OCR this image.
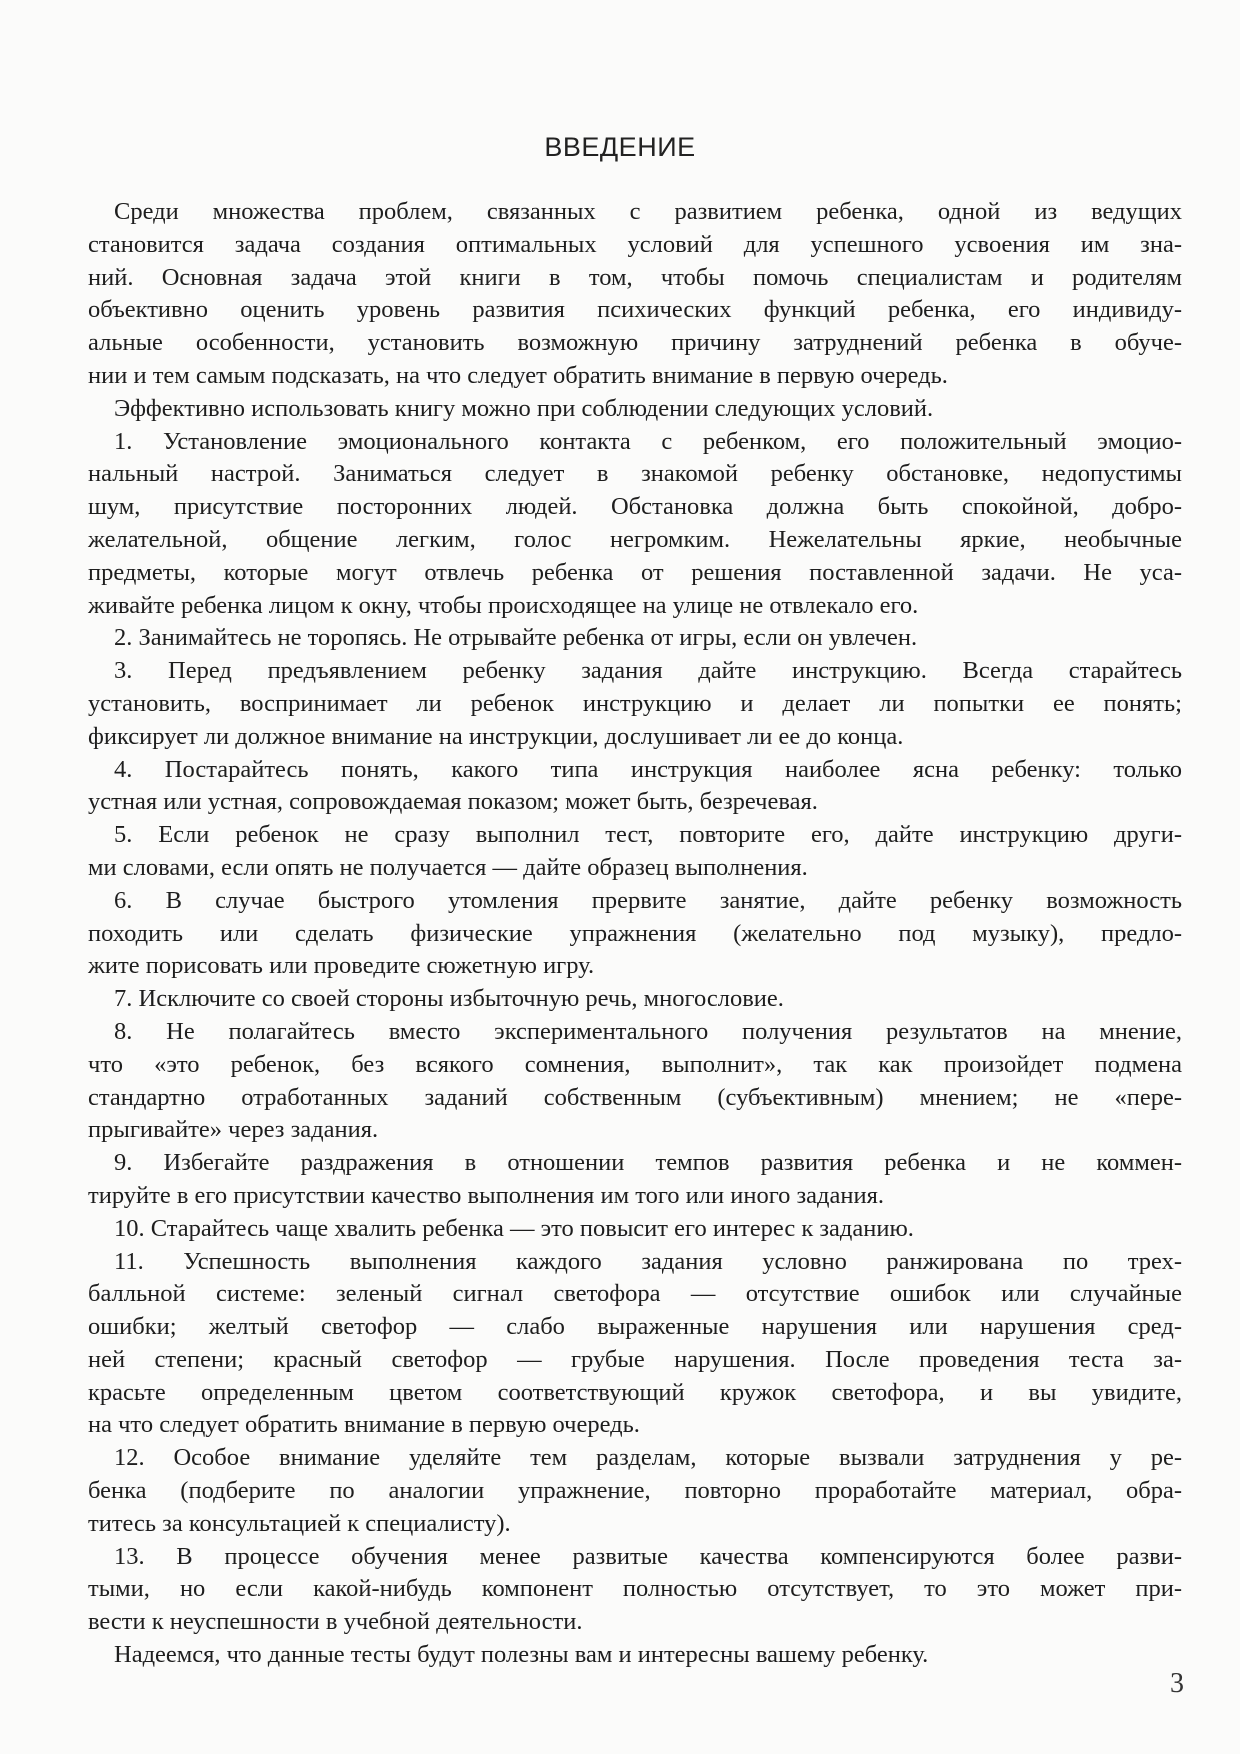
ВВЕДЕНИЕ
Среди множества проблем, связанных с развитием ребенка, одной из ведущих
становится задача создания оптимальных условий для успешного усвоения им зна-
ний. Основная задача этой книги в том, чтобы помочь специалистам и родителям
объективно оценить уровень развития психических функций ребенка, его индивиду-
альные особенности, установить возможную причину затруднений ребенка в обуче-
нии и тем самым подсказать, на что следует обратить внимание в первую очередь.
Эффективно использовать книгу можно при соблюдении следующих условий.
1. Установление эмоционального контакта с ребенком, его положительный эмоцио-
нальный настрой. Заниматься следует в знакомой ребенку обстановке, недопустимы
шум, присутствие посторонних людей. Обстановка должна быть спокойной, добро-
желательной, общение легким, голос негромким. Нежелательны яркие, необычные
предметы, которые могут отвлечь ребенка от решения поставленной задачи. Не уса-
живайте ребенка лицом к окну, чтобы происходящее на улице не отвлекало его.
2. Занимайтесь не торопясь. Не отрывайте ребенка от игры, если он увлечен.
3. Перед предъявлением ребенку задания дайте инструкцию. Всегда старайтесь
установить, воспринимает ли ребенок инструкцию и делает ли попытки ее понять;
фиксирует ли должное внимание на инструкции, дослушивает ли ее до конца.
4. Постарайтесь понять, какого типа инструкция наиболее ясна ребенку: только
устная или устная, сопровождаемая показом; может быть, безречевая.
5. Если ребенок не сразу выполнил тест, повторите его, дайте инструкцию други-
ми словами, если опять не получается — дайте образец выполнения.
6. В случае быстрого утомления прервите занятие, дайте ребенку возможность
походить или сделать физические упражнения (желательно под музыку), предло-
жите порисовать или проведите сюжетную игру.
7. Исключите со своей стороны избыточную речь, многословие.
8. Не полагайтесь вместо экспериментального получения результатов на мнение,
что «это ребенок, без всякого сомнения, выполнит», так как произойдет подмена
стандартно отработанных заданий собственным (субъективным) мнением; не «пере-
прыгивайте» через задания.
9. Избегайте раздражения в отношении темпов развития ребенка и не коммен-
тируйте в его присутствии качество выполнения им того или иного задания.
10. Старайтесь чаще хвалить ребенка — это повысит его интерес к заданию.
11. Успешность выполнения каждого задания условно ранжирована по трех-
балльной системе: зеленый сигнал светофора — отсутствие ошибок или случайные
ошибки; желтый светофор — слабо выраженные нарушения или нарушения сред-
ней степени; красный светофор — грубые нарушения. После проведения теста за-
красьте определенным цветом соответствующий кружок светофора, и вы увидите,
на что следует обратить внимание в первую очередь.
12. Особое внимание уделяйте тем разделам, которые вызвали затруднения у ре-
бенка (подберите по аналогии упражнение, повторно проработайте материал, обра-
титесь за консультацией к специалисту).
13. В процессе обучения менее развитые качества компенсируются более разви-
тыми, но если какой-нибудь компонент полностью отсутствует, то это может при-
вести к неуспешности в учебной деятельности.
Надеемся, что данные тесты будут полезны вам и интересны вашему ребенку.
3
